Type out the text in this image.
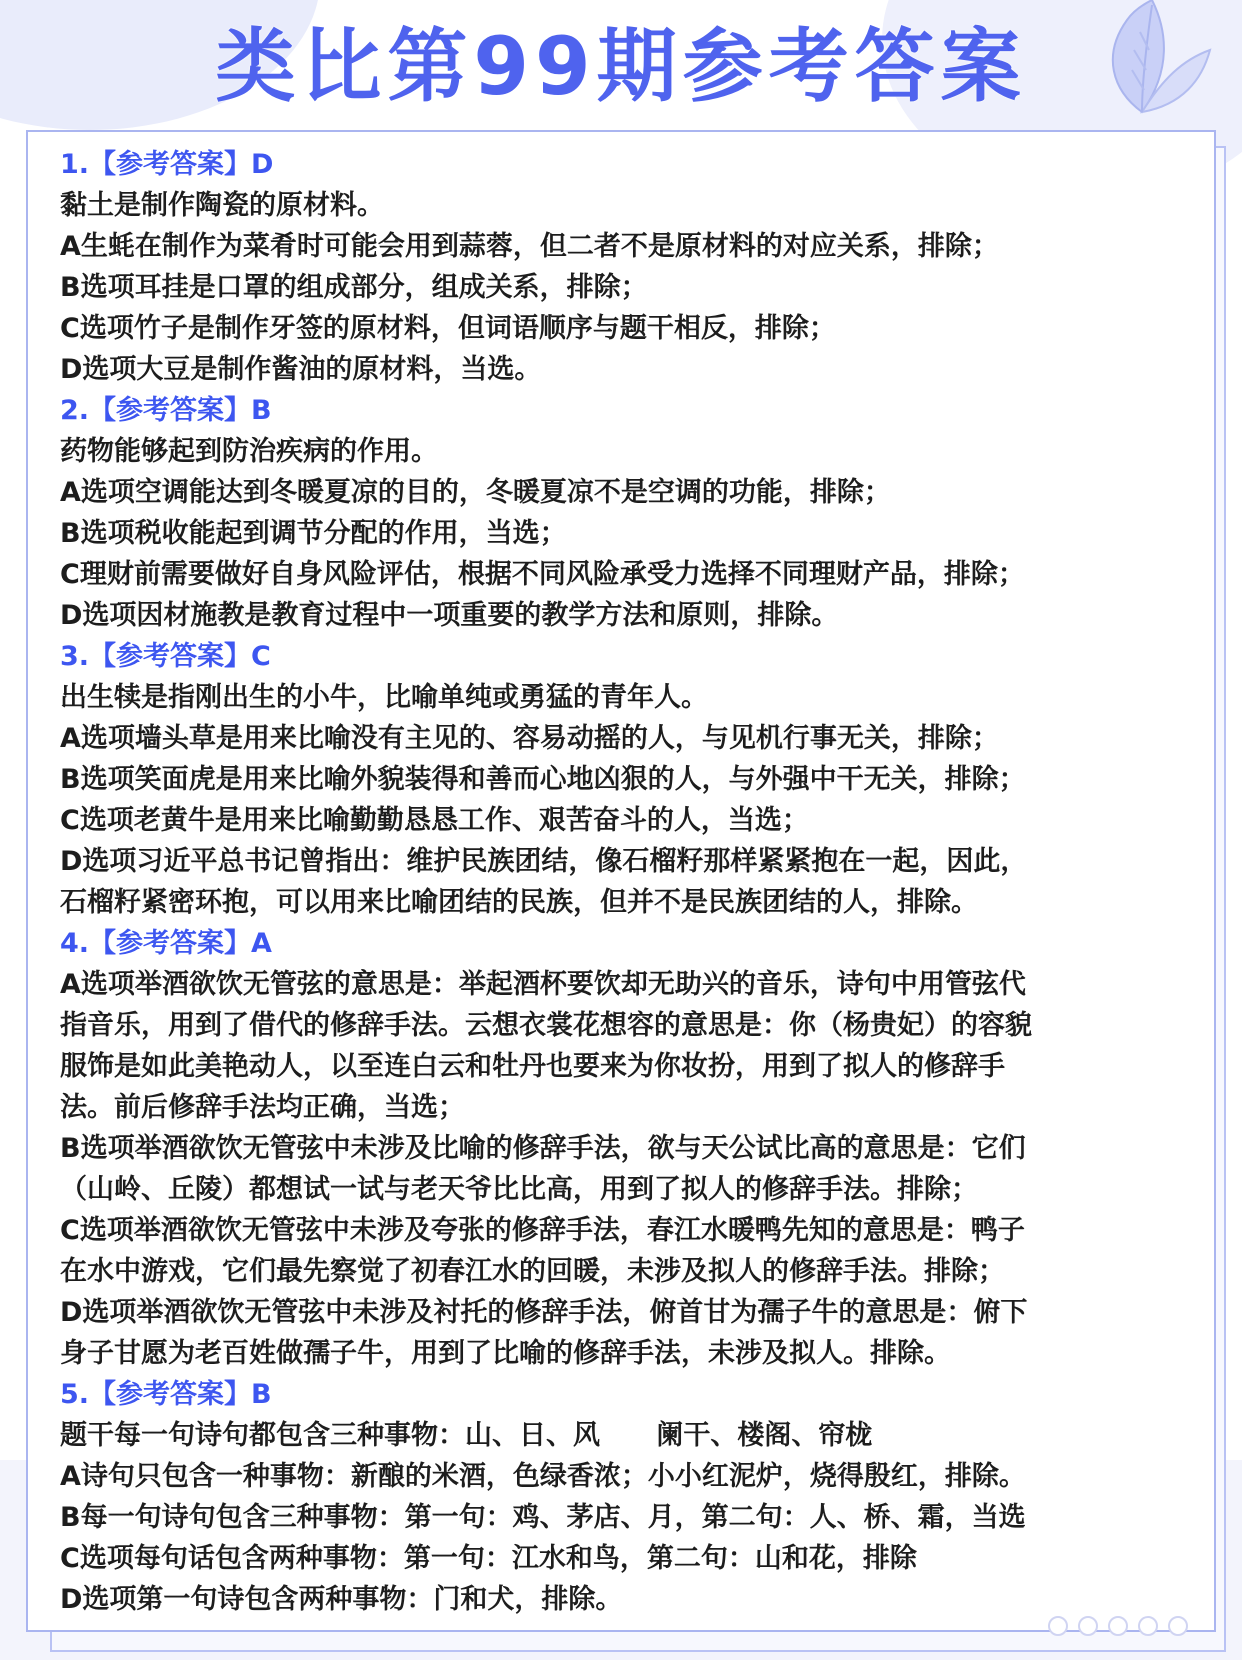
类比第99期参考答案

1.【参考答案】D

黏土是制作陶瓷的原材料。

A生蚝在制作为菜肴时可能会用到蒜蓉，但二者不是原材料的对应关系，排除；

B选项耳挂是口罩的组成部分，组成关系，排除；

C选项竹子是制作牙签的原材料，但词语顺序与题干相反，排除；

D选项大豆是制作酱油的原材料，当选。

2.【参考答案】B

药物能够起到防治疾病的作用。

A选项空调能达到冬暖夏凉的目的，冬暖夏凉不是空调的功能，排除；

B选项税收能起到调节分配的作用，当选；

C理财前需要做好自身风险评估，根据不同风险承受力选择不同理财产品，排除；

D选项因材施教是教育过程中一项重要的教学方法和原则，排除。

3.【参考答案】C

出生犊是指刚出生的小牛，比喻单纯或勇猛的青年人。

A选项墙头草是用来比喻没有主见的、容易动摇的人，与见机行事无关，排除；

B选项笑面虎是用来比喻外貌装得和善而心地凶狠的人，与外强中干无关，排除；

C选项老黄牛是用来比喻勤勤恳恳工作、艰苦奋斗的人，当选；

D选项习近平总书记曾指出：维护民族团结，像石榴籽那样紧紧抱在一起，因此，

石榴籽紧密环抱，可以用来比喻团结的民族，但并不是民族团结的人，排除。

4.【参考答案】A

A选项举酒欲饮无管弦的意思是：举起酒杯要饮却无助兴的音乐，诗句中用管弦代

指音乐，用到了借代的修辞手法。云想衣裳花想容的意思是：你（杨贵妃）的容貌

服饰是如此美艳动人，以至连白云和牡丹也要来为你妆扮，用到了拟人的修辞手

法。前后修辞手法均正确，当选；

B选项举酒欲饮无管弦中未涉及比喻的修辞手法，欲与天公试比高的意思是：它们

（山岭、丘陵）都想试一试与老天爷比比高，用到了拟人的修辞手法。排除；

C选项举酒欲饮无管弦中未涉及夸张的修辞手法，春江水暖鸭先知的意思是：鸭子

在水中游戏，它们最先察觉了初春江水的回暖，未涉及拟人的修辞手法。排除；

D选项举酒欲饮无管弦中未涉及衬托的修辞手法，俯首甘为孺子牛的意思是：俯下

身子甘愿为老百姓做孺子牛，用到了比喻的修辞手法，未涉及拟人。排除。

5.【参考答案】B

题干每一句诗句都包含三种事物：山、日、风      阑干、楼阁、帘栊

A诗句只包含一种事物：新酿的米酒，色绿香浓；小小红泥炉，烧得殷红，排除。

B每一句诗句包含三种事物：第一句：鸡、茅店、月，第二句：人、桥、霜，当选

C选项每句话包含两种事物：第一句：江水和鸟，第二句：山和花，排除

D选项第一句诗包含两种事物：门和犬，排除。
